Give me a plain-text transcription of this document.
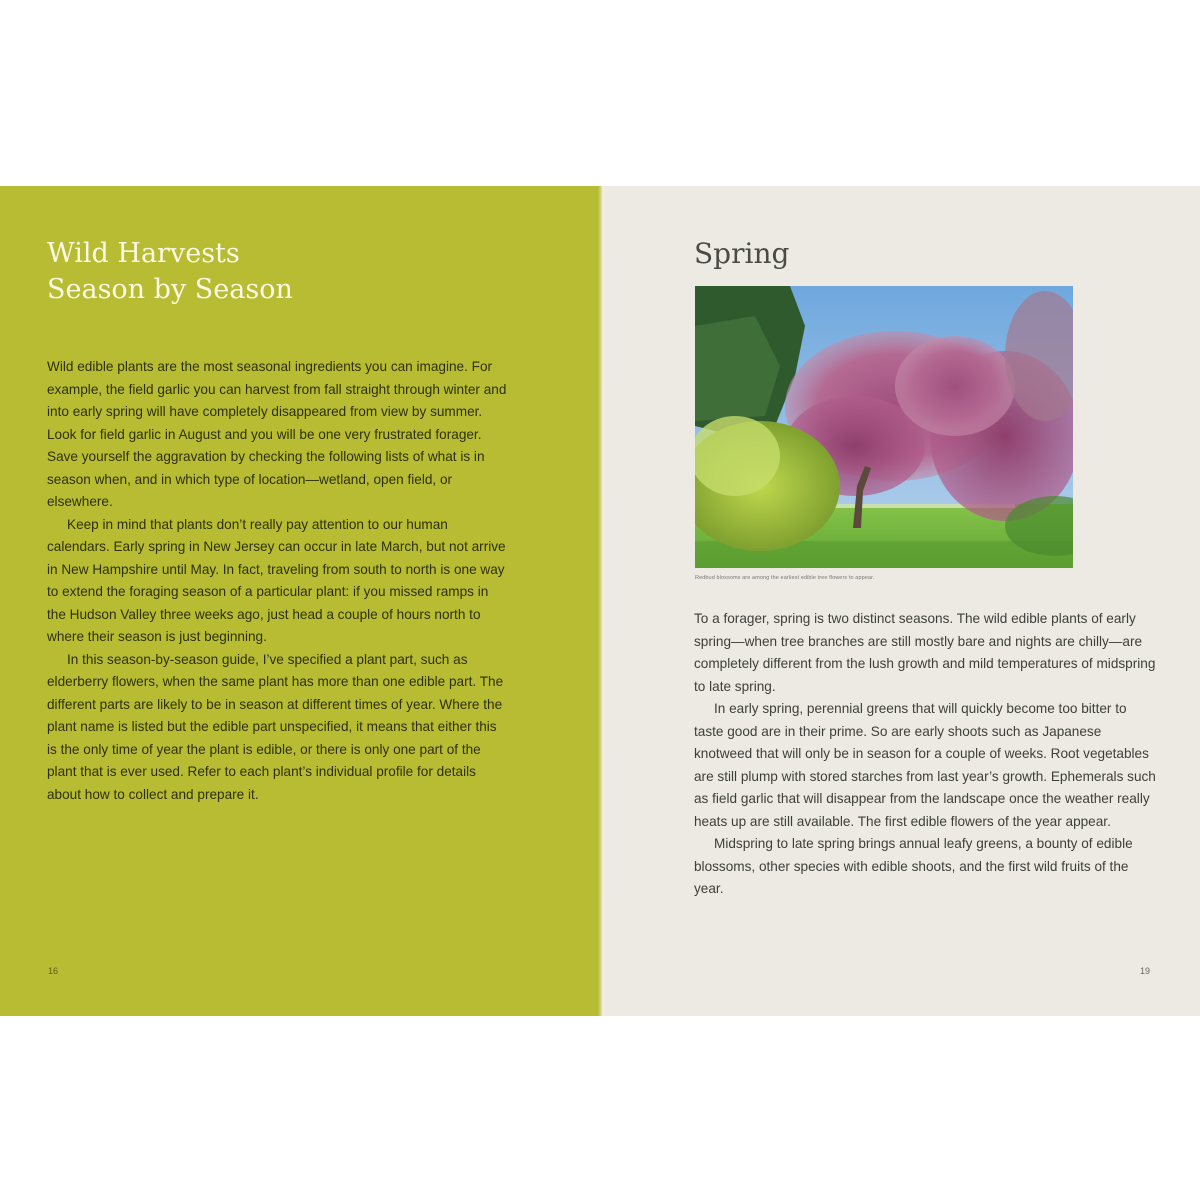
Wild Harvests
Season by Season

Wild edible plants are the most seasonal ingredients you can imagine. For example, the field garlic you can harvest from fall straight through winter and into early spring will have completely disappeared from view by summer. Look for field garlic in August and you will be one very frustrated forager. Save yourself the aggravation by checking the following lists of what is in season when, and in which type of location—wetland, open field, or elsewhere.

Keep in mind that plants don’t really pay attention to our human calendars. Early spring in New Jersey can occur in late March, but not arrive in New Hampshire until May. In fact, traveling from south to north is one way to extend the foraging season of a particular plant: if you missed ramps in the Hudson Valley three weeks ago, just head a couple of hours north to where their season is just beginning.

In this season-by-season guide, I’ve specified a plant part, such as elderberry flowers, when the same plant has more than one edible part. The different parts are likely to be in season at different times of year. Where the plant name is listed but the edible part unspecified, it means that either this is the only time of year the plant is edible, or there is only one part of the plant that is ever used. Refer to each plant’s individual profile for details about how to collect and prepare it.

16
Spring
Redbud blossoms are among the earliest edible tree flowers to appear.

To a forager, spring is two distinct seasons. The wild edible plants of early spring—when tree branches are still mostly bare and nights are chilly—are completely different from the lush growth and mild temperatures of midspring to late spring.

In early spring, perennial greens that will quickly become too bitter to taste good are in their prime. So are early shoots such as Japanese knotweed that will only be in season for a couple of weeks. Root vegetables are still plump with stored starches from last year’s growth. Ephemerals such as field garlic that will disappear from the landscape once the weather really heats up are still available. The first edible flowers of the year appear.

Midspring to late spring brings annual leafy greens, a bounty of edible blossoms, other species with edible shoots, and the first wild fruits of the year.

19
